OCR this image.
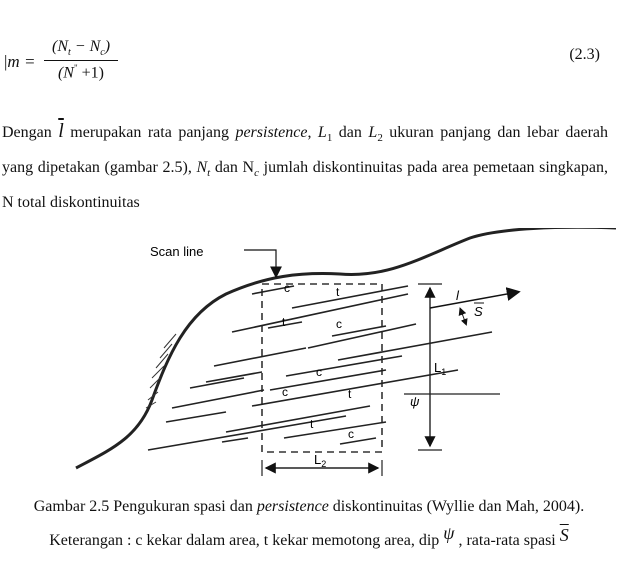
|m =
$(N_t - N_c)$
(N" +1)
(2.3)
Dengan $\overline{l}$ merupakan rata panjang persistence, $L_1$ dan $L_2$ ukuran panjang dan lebar daerah yang dipetakan (gambar 2.5), $N_t$ dan $N_c$ jumlah diskontinuitas pada area pemetaan singkapan, N total diskontinuitas
Scan line
c	t
t	c
c
c	t
t
c
$L_1$
ψ
l
S
$L_2$
Gambar 2.5 Pengukuran spasi dan persistence diskontinuitas (Wyllie dan Mah, 2004). Keterangan : c kekar dalam area, t kekar memotong area, dip ψ , rata-rata spasi $\overline{S}$
